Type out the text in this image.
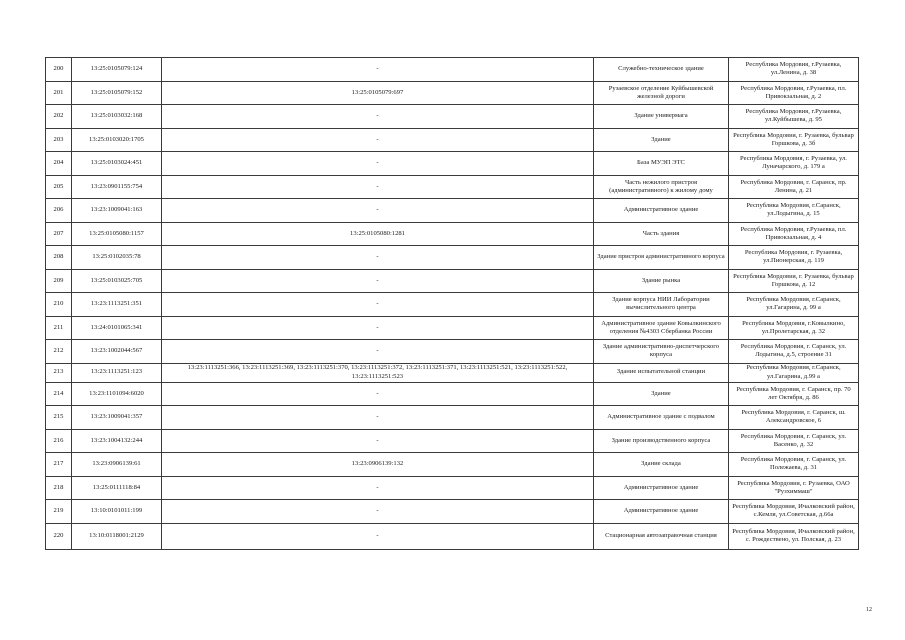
200	13:25:0105079:124	-	Служебно-техническое здание	Республика Мордовия, г.Рузаевка, ул.Ленина, д. 38
201	13:25:0105079:152	13:25:0105079:697	Рузаевское отделение Куйбышевской железной дороги	Республика Мордовия, г.Рузаевка, пл. Привокзальная, д. 2
202	13:25:0103032:168	-	Здание универмага	Республика Мордовия, г.Рузаевка, ул.Куйбышева, д. 95
203	13:25:0103020:1705	-	Здание	Республика Мордовия, г. Рузаевка, бульвар Горшкова, д. 3б
204	13:25:0103024:451	-	База МУЭП ЭТС	Республика Мордовия, г. Рузаевка, ул. Луначарского, д. 179 а
205	13:23:0901155:754	-	Часть нежилого пристроя (административного) к жилому дому	Республика Мордовия, г. Саранск, пр. Ленина, д. 21
206	13:23:1009041:163	-	Административное здание	Республика Мордовия, г.Саранск, ул.Лодыгина, д. 15
207	13:25:0105080:1157	13:25:0105080:1281	Часть здания	Республика Мордовия, г.Рузаевка, пл. Привокзальная, д. 4
208	13:25:0102035:78	-	Здание пристроя административного корпуса	Республика Мордовия, г. Рузаевка, ул.Пионерская, д. 119
209	13:25:0103025:705	-	Здание рынка	Республика Мордовия, г. Рузаевка, бульвар Горшкова, д. 12
210	13:23:1113251:351	-	Здание корпуса НИИ Лаборатории вычислительного центра	Республика Мордовия, г.Саранск, ул.Гагарина, д. 99 а
211	13:24:0101065:341	-	Административное здание Ковылкинского отделения №4303 Сбербанка России	Республика Мордовия, г.Ковылкино, ул.Пролетарская, д. 32
212	13:23:1002044:567	-	Здание административно-диспетчерского корпуса	Республика Мордовия, г. Саранск, ул. Лодыгина, д.5, строение 31
213	13:23:1113251:123	13:23:1113251:366, 13:23:1113251:369, 13:23:1113251:370, 13:23:1113251:372, 13:23:1113251:371, 13:23:1113251:521, 13:23:1113251:522, 13:23:1113251:523	Здание испытательной станции	Республика Мордовия, г.Саранск, ул.Гагарина, д.99 а
214	13:23:1101094:6020	-	Здание	Республика Мордовия, г. Саранск, пр. 70 лет Октября, д. 86
215	13:23:1009041:357	-	Административное здание с подвалом	Республика Мордовия, г. Саранск, ш. Александровское, 6
216	13:23:1004132:244	-	Здание производственного корпуса	Республика Мордовия, г. Саранск, ул. Васенко, д. 32
217	13:23:0906139:61	13:23:0906139:132	Здание склада	Республика Мордовия, г. Саранск, ул. Полежаева, д. 31
218	13:25:0111118:84	-	Административное здание	Республика Мордовия, г. Рузаевка, ОАО "Рузхиммаш"
219	13:10:0101011:199	-	Административное здание	Республика Мордовия, Ичалковский район, с.Кемля, ул.Советская, д.66а
220	13:10:0118001:2129	-	Стационарная автозаправочная станция	Республика Мордовия, Ичалковский район, с. Рождествено, ул. Полская, д. 23
12
